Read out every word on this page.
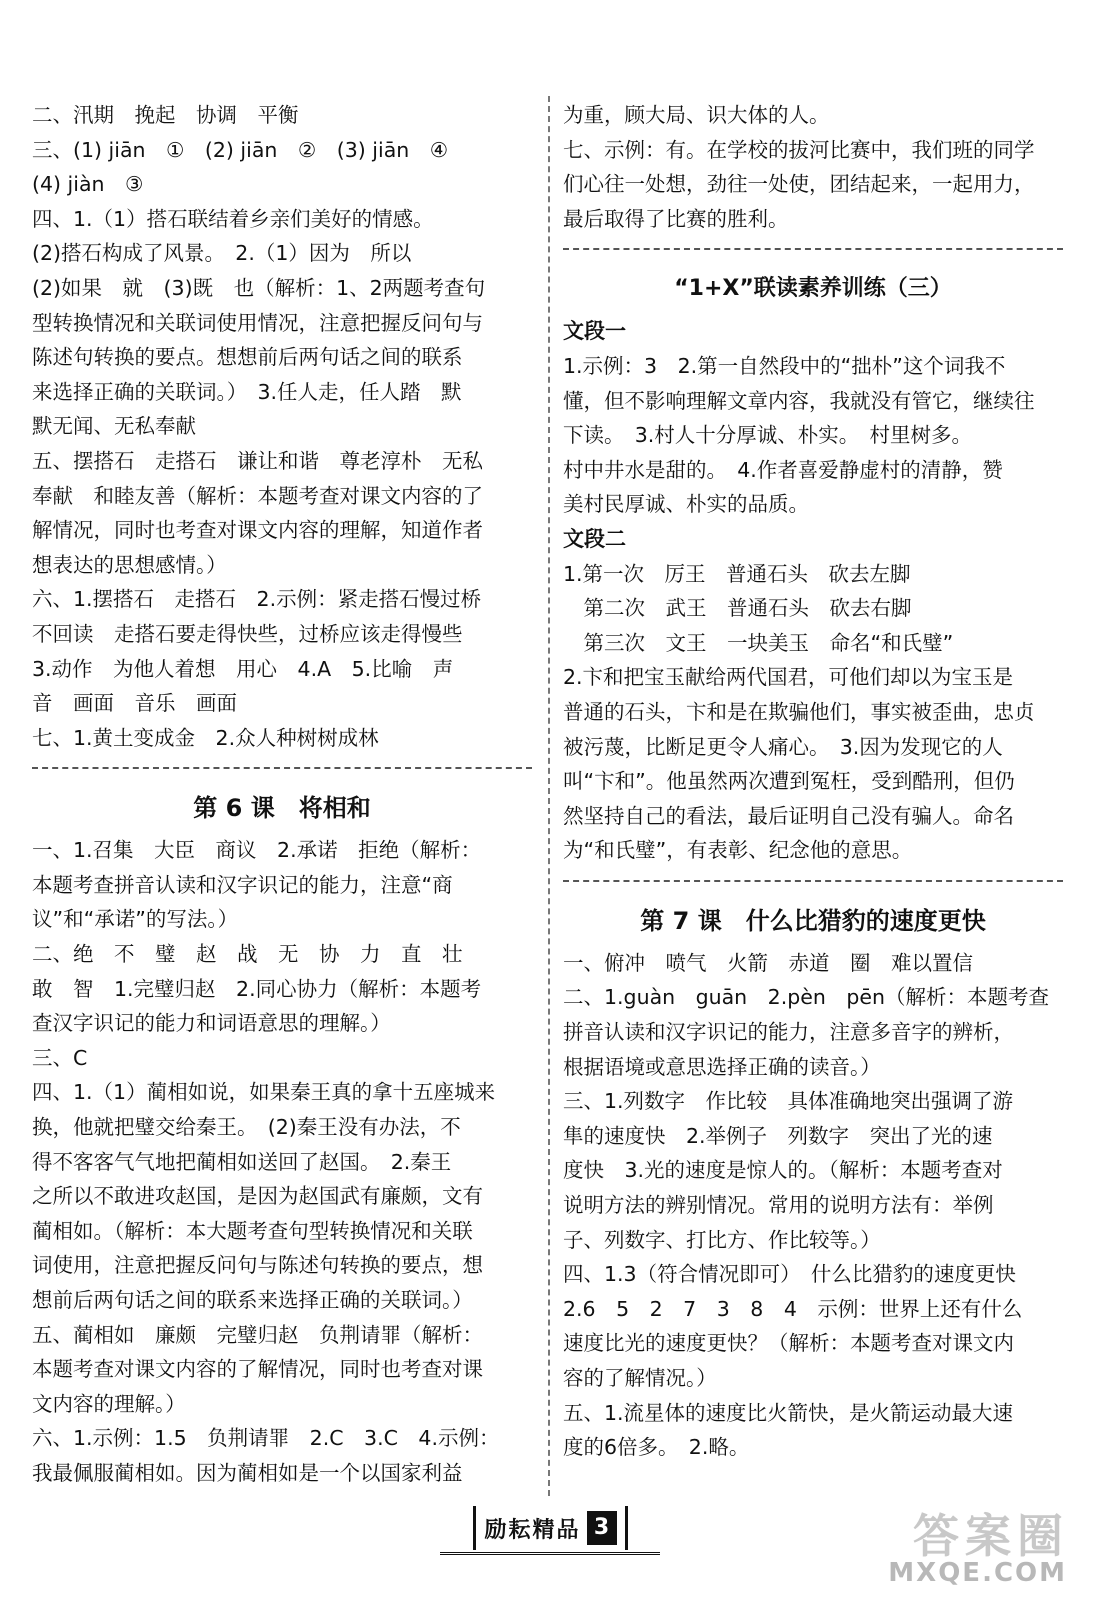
二、汛期　挽起　协调　平衡
三、(1) jiān　①　(2) jiān　②　(3) jiān　④
(4) jiàn　③
四、1.（1）搭石联结着乡亲们美好的情感。
(2)搭石构成了风景。　2.（1）因为　所以
(2)如果　就　(3)既　也（解析：1、2两题考查句
型转换情况和关联词使用情况，注意把握反问句与
陈述句转换的要点。想想前后两句话之间的联系
来选择正确的关联词。）　3.任人走，任人踏　默
默无闻、无私奉献
五、摆搭石　走搭石　谦让和谐　尊老淳朴　无私
奉献　和睦友善（解析：本题考查对课文内容的了
解情况，同时也考查对课文内容的理解，知道作者
想表达的思想感情。）
六、1.摆搭石　走搭石　2.示例：紧走搭石慢过桥
不回读　走搭石要走得快些，过桥应该走得慢些
3.动作　为他人着想　用心　4.A　5.比喻　声
音　画面　音乐　画面
七、1.黄土变成金　2.众人种树树成林
第 6 课　将相和
一、1.召集　大臣　商议　2.承诺　拒绝（解析：
本题考查拼音认读和汉字识记的能力，注意“商
议”和“承诺”的写法。）
二、绝　不　璧　赵　战　无　协　力　直　壮
敢　智　1.完璧归赵　2.同心协力（解析：本题考
查汉字识记的能力和词语意思的理解。）
三、C
四、1.（1）蔺相如说，如果秦王真的拿十五座城来
换，他就把璧交给秦王。　(2)秦王没有办法，不
得不客客气气地把蔺相如送回了赵国。　2.秦王
之所以不敢进攻赵国，是因为赵国武有廉颇，文有
蔺相如。（解析：本大题考查句型转换情况和关联
词使用，注意把握反问句与陈述句转换的要点，想
想前后两句话之间的联系来选择正确的关联词。）
五、蔺相如　廉颇　完璧归赵　负荆请罪（解析：
本题考查对课文内容的了解情况，同时也考查对课
文内容的理解。）
六、1.示例：1.5　负荆请罪　2.C　3.C　4.示例：
我最佩服蔺相如。因为蔺相如是一个以国家利益
为重，顾大局、识大体的人。
七、示例：有。在学校的拔河比赛中，我们班的同学
们心往一处想，劲往一处使，团结起来，一起用力，
最后取得了比赛的胜利。
“1+X”联读素养训练（三）
文段一
1.示例：3　2.第一自然段中的“拙朴”这个词我不
懂，但不影响理解文章内容，我就没有管它，继续往
下读。　3.村人十分厚诚、朴实。　村里树多。
村中井水是甜的。　4.作者喜爱静虚村的清静，赞
美村民厚诚、朴实的品质。
文段二
1.第一次　厉王　普通石头　砍去左脚
　第二次　武王　普通石头　砍去右脚
　第三次　文王　一块美玉　命名“和氏璧”
2.卞和把宝玉献给两代国君，可他们却以为宝玉是
普通的石头，卞和是在欺骗他们，事实被歪曲，忠贞
被污蔑，比断足更令人痛心。　3.因为发现它的人
叫“卞和”。他虽然两次遭到冤枉，受到酷刑，但仍
然坚持自己的看法，最后证明自己没有骗人。命名
为“和氏璧”，有表彰、纪念他的意思。
第 7 课　什么比猎豹的速度更快
一、俯冲　喷气　火箭　赤道　圈　难以置信
二、1.guàn　guān　2.pèn　pēn（解析：本题考查
拼音认读和汉字识记的能力，注意多音字的辨析，
根据语境或意思选择正确的读音。）
三、1.列数字　作比较　具体准确地突出强调了游
隼的速度快　2.举例子　列数字　突出了光的速
度快　3.光的速度是惊人的。（解析：本题考查对
说明方法的辨别情况。常用的说明方法有：举例
子、列数字、打比方、作比较等。）
四、1.3（符合情况即可）　什么比猎豹的速度更快
2.6　5　2　7　3　8　4　示例：世界上还有什么
速度比光的速度更快？（解析：本题考查对课文内
容的了解情况。）
五、1.流星体的速度比火箭快，是火箭运动最大速
度的6倍多。　2.略。
励耘精品 3	答案圈
MXQE.COM
